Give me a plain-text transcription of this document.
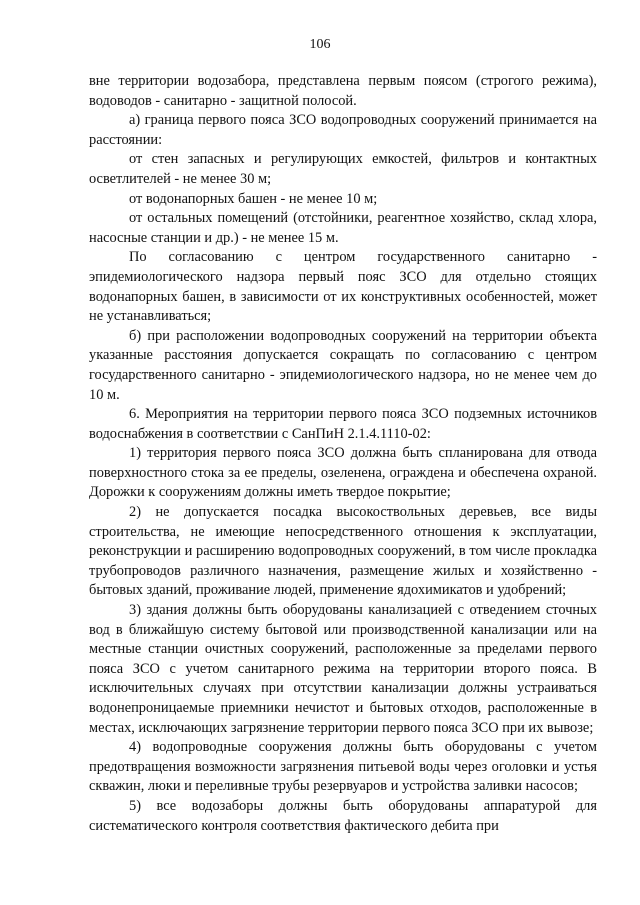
106

вне территории водозабора, представлена первым поясом (строгого режима), водоводов - санитарно - защитной полосой.

а) граница первого пояса ЗСО водопроводных сооружений принимается на расстоянии:

от стен запасных и регулирующих емкостей, фильтров и контактных осветлителей - не менее 30 м;

от водонапорных башен - не менее 10 м;

от остальных помещений (отстойники, реагентное хозяйство, склад хлора, насосные станции и др.) - не менее 15 м.

По согласованию с центром государственного санитарно - эпидемиологического надзора первый пояс ЗСО для отдельно стоящих водонапорных башен, в зависимости от их конструктивных особенностей, может не устанавливаться;

б) при расположении водопроводных сооружений на территории объекта указанные расстояния допускается сокращать по согласованию с центром государственного санитарно - эпидемиологического надзора, но не менее чем до 10 м.

6. Мероприятия на территории первого пояса ЗСО подземных источников водоснабжения в соответствии с СанПиН 2.1.4.1110-02:

1) территория первого пояса ЗСО должна быть спланирована для отвода поверхностного стока за ее пределы, озеленена, ограждена и обеспечена охраной. Дорожки к сооружениям должны иметь твердое покрытие;

2) не допускается посадка высокоствольных деревьев, все виды строительства, не имеющие непосредственного отношения к эксплуатации, реконструкции и расширению водопроводных сооружений, в том числе прокладка трубопроводов различного назначения, размещение жилых и хозяйственно - бытовых зданий, проживание людей, применение ядохимикатов и удобрений;

3) здания должны быть оборудованы канализацией с отведением сточных вод в ближайшую систему бытовой или производственной канализации или на местные станции очистных сооружений, расположенные за пределами первого пояса ЗСО с учетом санитарного режима на территории второго пояса. В исключительных случаях при отсутствии канализации должны устраиваться водонепроницаемые приемники нечистот и бытовых отходов, расположенные в местах, исключающих загрязнение территории первого пояса ЗСО при их вывозе;

4) водопроводные сооружения должны быть оборудованы с учетом предотвращения возможности загрязнения питьевой воды через оголовки и устья скважин, люки и переливные трубы резервуаров и устройства заливки насосов;

5) все водозаборы должны быть оборудованы аппаратурой для систематического контроля соответствия фактического дебита при
